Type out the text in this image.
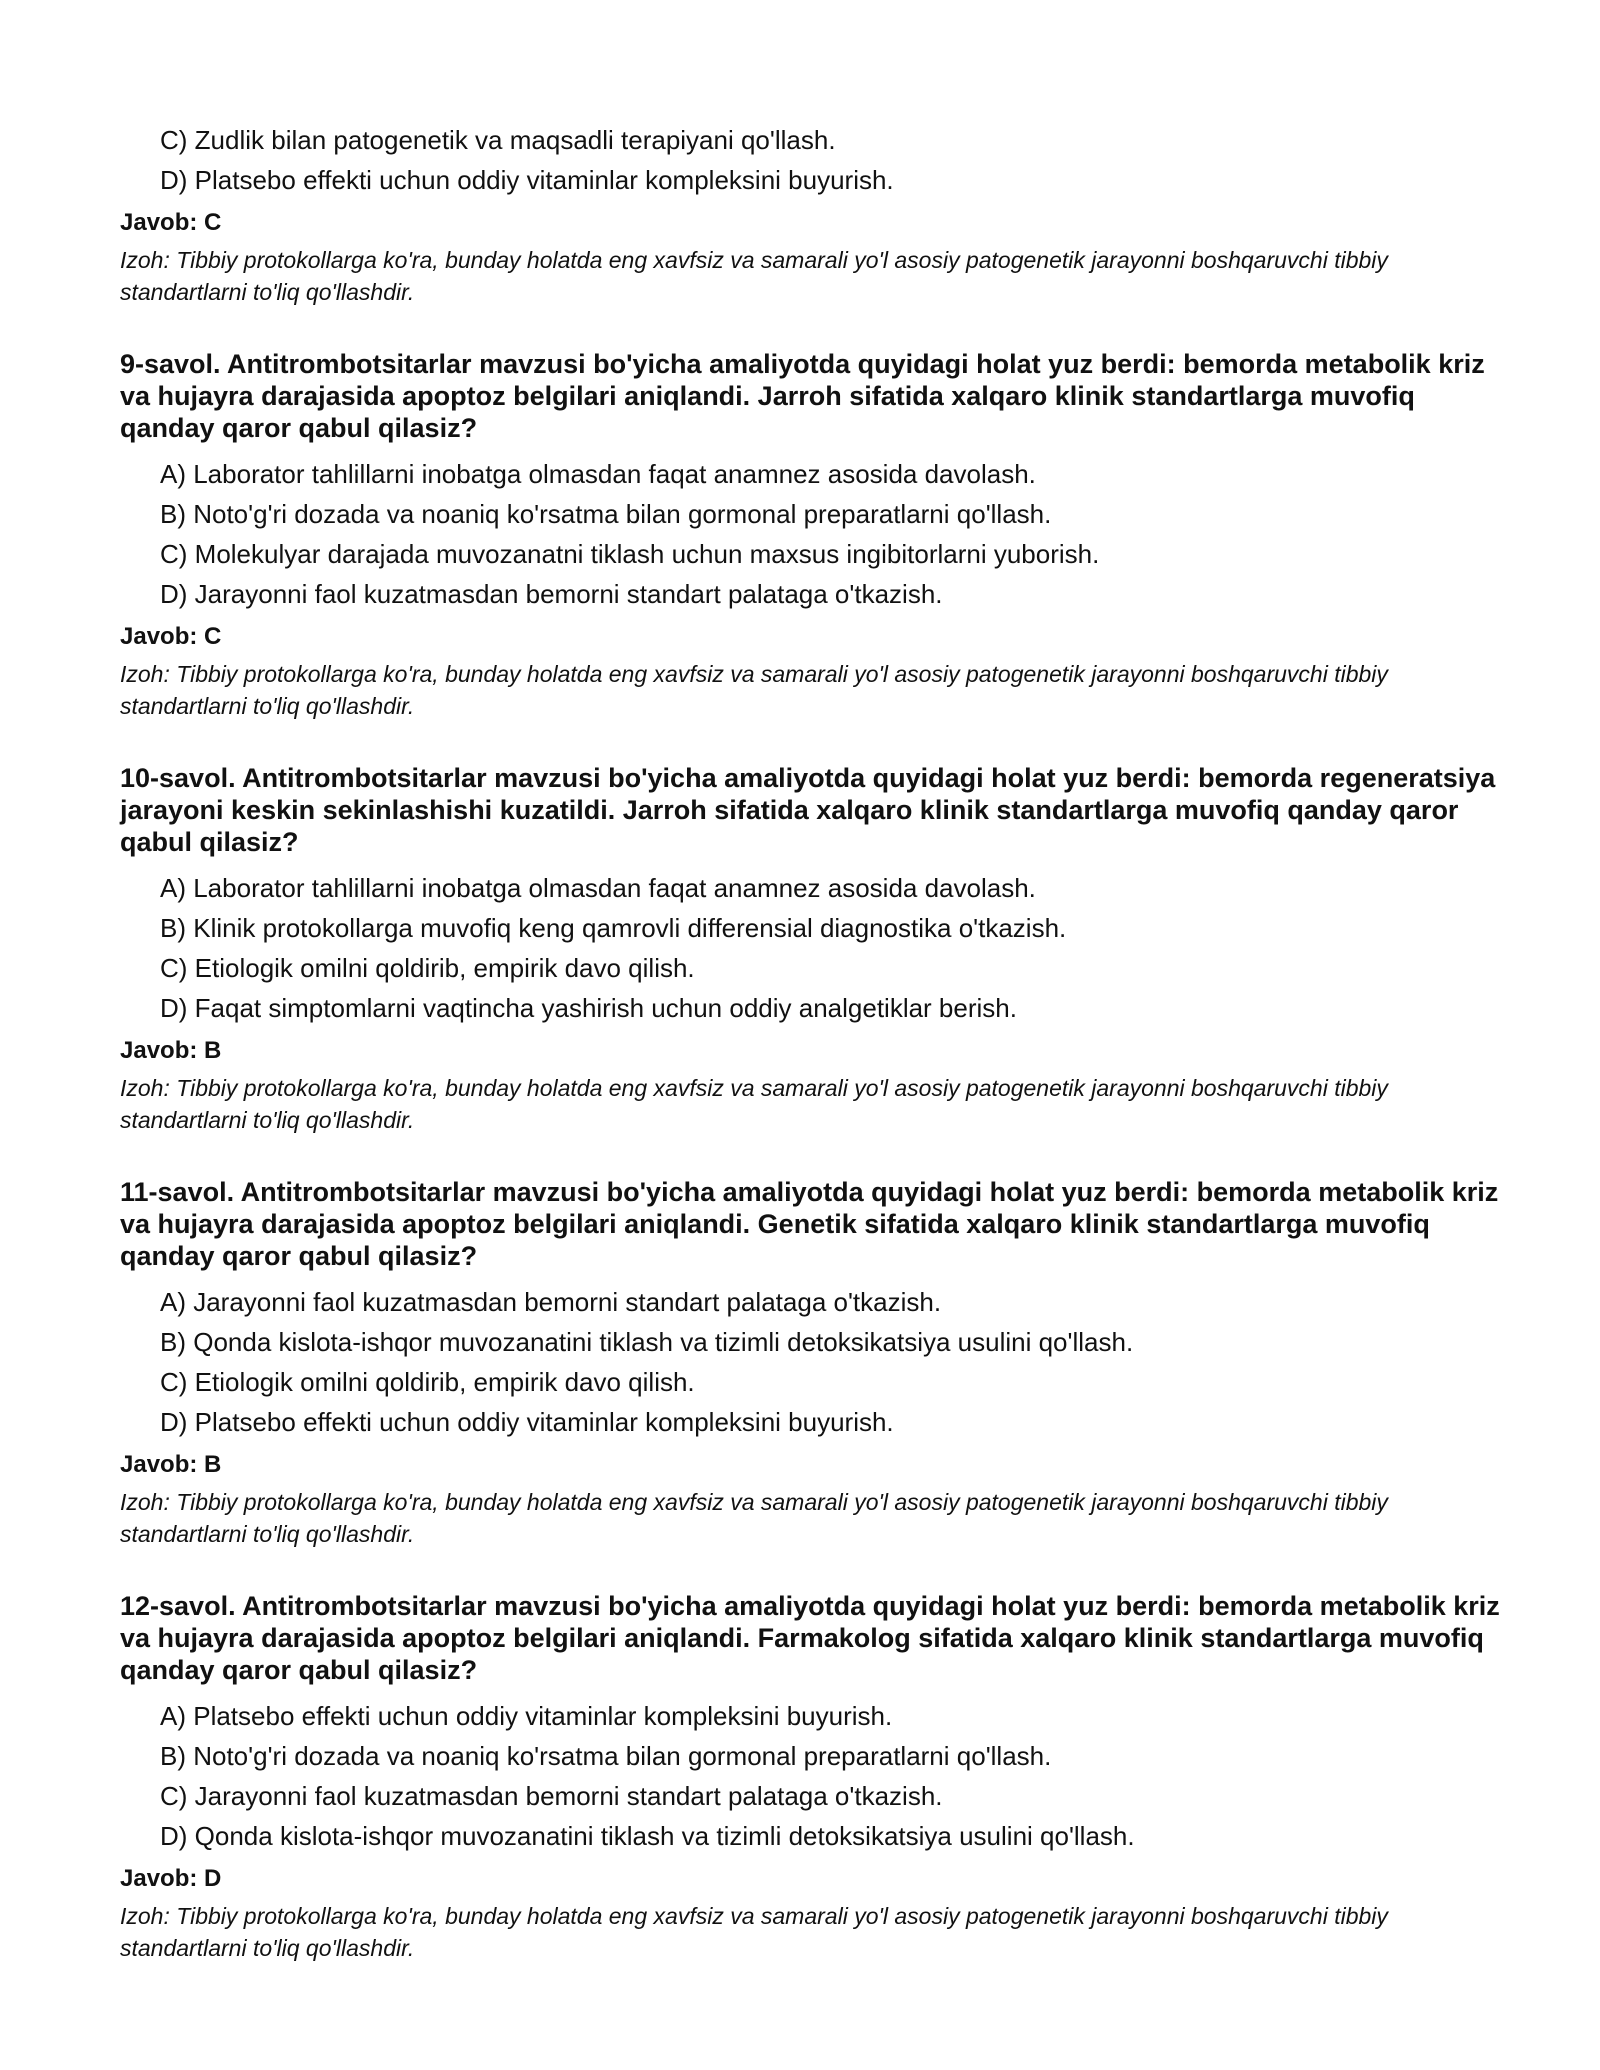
C) Zudlik bilan patogenetik va maqsadli terapiyani qo'llash.
D) Platsebo effekti uchun oddiy vitaminlar kompleksini buyurish.
Javob: C
Izoh: Tibbiy protokollarga ko'ra, bunday holatda eng xavfsiz va samarali yo'l asosiy patogenetik jarayonni boshqaruvchi tibbiy standartlarni to'liq qo'llashdir.
9-savol. Antitrombotsitarlar mavzusi bo'yicha amaliyotda quyidagi holat yuz berdi: bemorda metabolik kriz va hujayra darajasida apoptoz belgilari aniqlandi. Jarroh sifatida xalqaro klinik standartlarga muvofiq qanday qaror qabul qilasiz?
A) Laborator tahlillarni inobatga olmasdan faqat anamnez asosida davolash.
B) Noto'g'ri dozada va noaniq ko'rsatma bilan gormonal preparatlarni qo'llash.
C) Molekulyar darajada muvozanatni tiklash uchun maxsus ingibitorlarni yuborish.
D) Jarayonni faol kuzatmasdan bemorni standart palataga o'tkazish.
Javob: C
Izoh: Tibbiy protokollarga ko'ra, bunday holatda eng xavfsiz va samarali yo'l asosiy patogenetik jarayonni boshqaruvchi tibbiy standartlarni to'liq qo'llashdir.
10-savol. Antitrombotsitarlar mavzusi bo'yicha amaliyotda quyidagi holat yuz berdi: bemorda regeneratsiya jarayoni keskin sekinlashishi kuzatildi. Jarroh sifatida xalqaro klinik standartlarga muvofiq qanday qaror qabul qilasiz?
A) Laborator tahlillarni inobatga olmasdan faqat anamnez asosida davolash.
B) Klinik protokollarga muvofiq keng qamrovli differensial diagnostika o'tkazish.
C) Etiologik omilni qoldirib, empirik davo qilish.
D) Faqat simptomlarni vaqtincha yashirish uchun oddiy analgetiklar berish.
Javob: B
Izoh: Tibbiy protokollarga ko'ra, bunday holatda eng xavfsiz va samarali yo'l asosiy patogenetik jarayonni boshqaruvchi tibbiy standartlarni to'liq qo'llashdir.
11-savol. Antitrombotsitarlar mavzusi bo'yicha amaliyotda quyidagi holat yuz berdi: bemorda metabolik kriz va hujayra darajasida apoptoz belgilari aniqlandi. Genetik sifatida xalqaro klinik standartlarga muvofiq qanday qaror qabul qilasiz?
A) Jarayonni faol kuzatmasdan bemorni standart palataga o'tkazish.
B) Qonda kislota-ishqor muvozanatini tiklash va tizimli detoksikatsiya usulini qo'llash.
C) Etiologik omilni qoldirib, empirik davo qilish.
D) Platsebo effekti uchun oddiy vitaminlar kompleksini buyurish.
Javob: B
Izoh: Tibbiy protokollarga ko'ra, bunday holatda eng xavfsiz va samarali yo'l asosiy patogenetik jarayonni boshqaruvchi tibbiy standartlarni to'liq qo'llashdir.
12-savol. Antitrombotsitarlar mavzusi bo'yicha amaliyotda quyidagi holat yuz berdi: bemorda metabolik kriz va hujayra darajasida apoptoz belgilari aniqlandi. Farmakolog sifatida xalqaro klinik standartlarga muvofiq qanday qaror qabul qilasiz?
A) Platsebo effekti uchun oddiy vitaminlar kompleksini buyurish.
B) Noto'g'ri dozada va noaniq ko'rsatma bilan gormonal preparatlarni qo'llash.
C) Jarayonni faol kuzatmasdan bemorni standart palataga o'tkazish.
D) Qonda kislota-ishqor muvozanatini tiklash va tizimli detoksikatsiya usulini qo'llash.
Javob: D
Izoh: Tibbiy protokollarga ko'ra, bunday holatda eng xavfsiz va samarali yo'l asosiy patogenetik jarayonni boshqaruvchi tibbiy standartlarni to'liq qo'llashdir.
